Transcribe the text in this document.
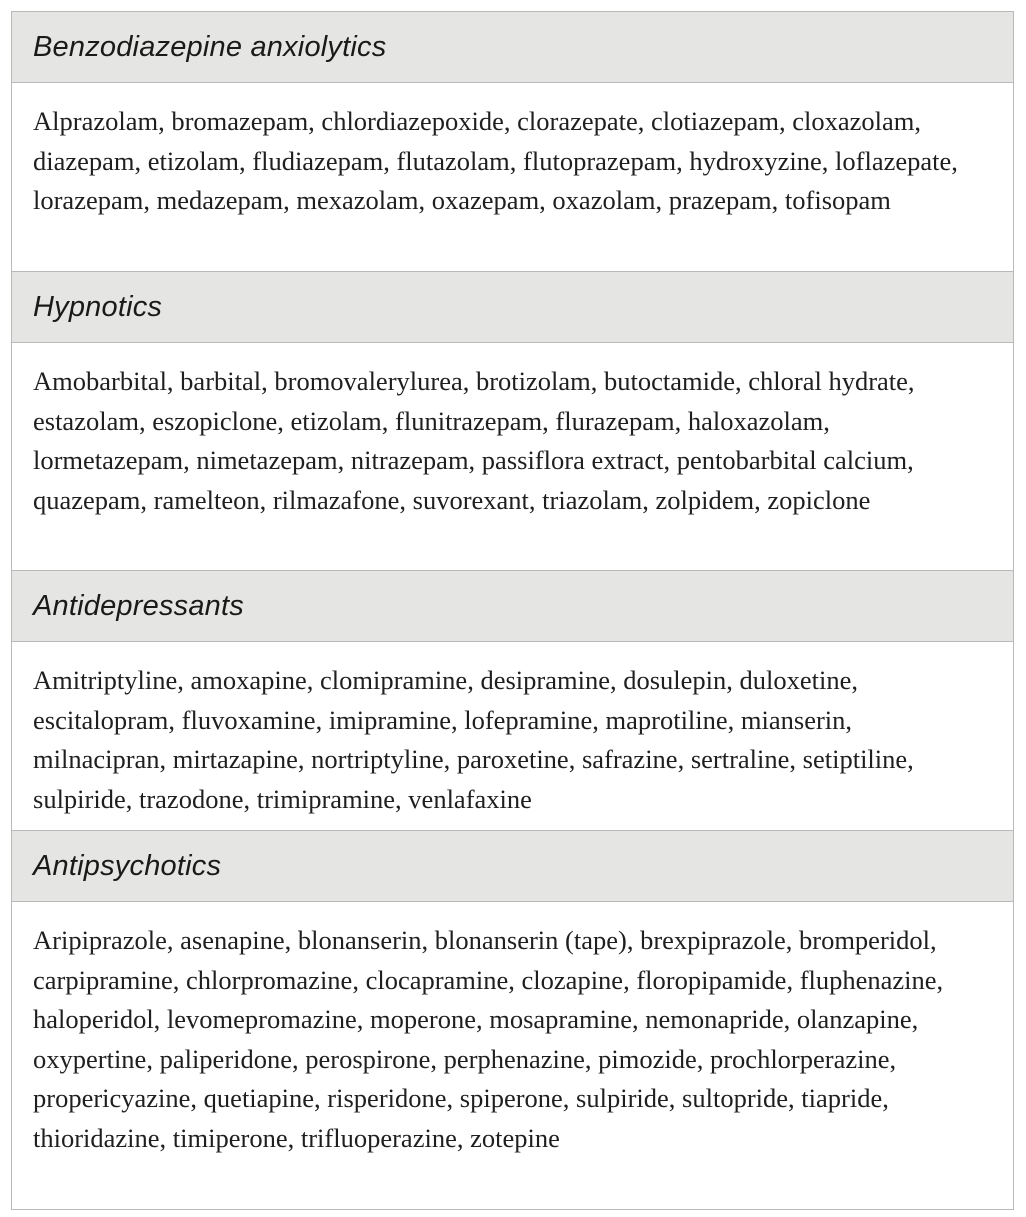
Benzodiazepine anxiolytics

Alprazolam, bromazepam, chlordiazepoxide, clorazepate, clotiazepam, cloxazolam, diazepam, etizolam, fludiazepam, flutazolam, flutoprazepam, hydroxyzine, loflazepate, lorazepam, medazepam, mexazolam, oxazepam, oxazolam, prazepam, tofisopam

Hypnotics

Amobarbital, barbital, bromovalerylurea, brotizolam, butoctamide, chloral hydrate, estazolam, eszopiclone, etizolam, flunitrazepam, flurazepam, haloxazolam, lormetazepam, nimetazepam, nitrazepam, passiflora extract, pentobarbital calcium, quazepam, ramelteon, rilmazafone, suvorexant, triazolam, zolpidem, zopiclone

Antidepressants

Amitriptyline, amoxapine, clomipramine, desipramine, dosulepin, duloxetine, escitalopram, fluvoxamine, imipramine, lofepramine, maprotiline, mianserin, milnacipran, mirtazapine, nortriptyline, paroxetine, safrazine, sertraline, setiptiline, sulpiride, trazodone, trimipramine, venlafaxine

Antipsychotics

Aripiprazole, asenapine, blonanserin, blonanserin (tape), brexpiprazole, bromperidol, carpipramine, chlorpromazine, clocapramine, clozapine, floropipamide, fluphenazine, haloperidol, levomepromazine, moperone, mosapramine, nemonapride, olanzapine, oxypertine, paliperidone, perospirone, perphenazine, pimozide, prochlorperazine, propericyazine, quetiapine, risperidone, spiperone, sulpiride, sultopride, tiapride, thioridazine, timiperone, trifluoperazine, zotepine
